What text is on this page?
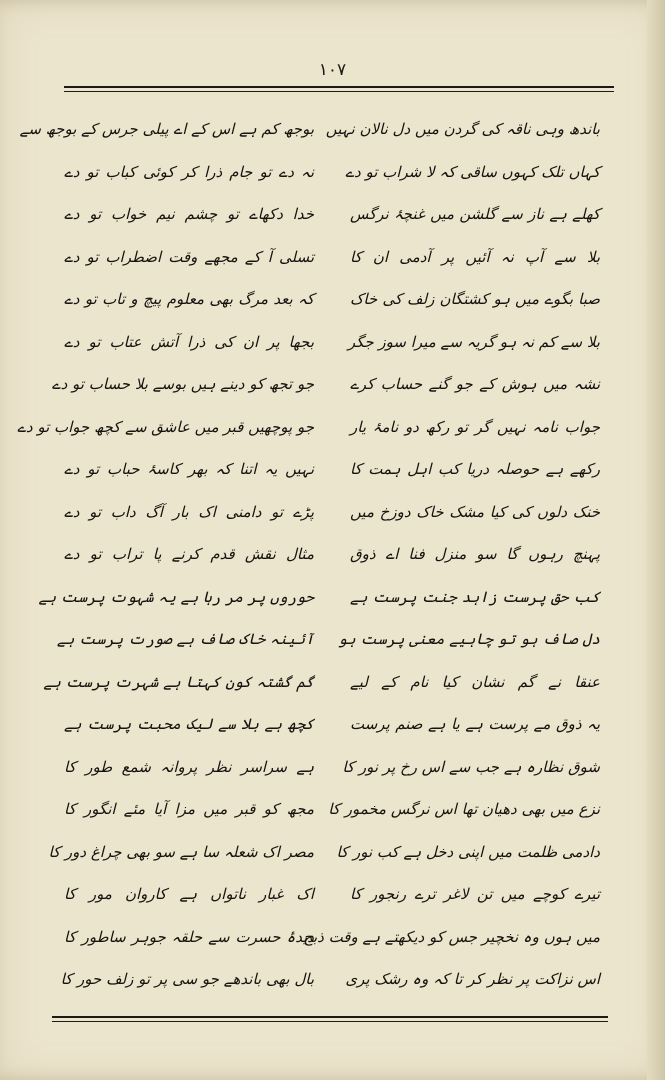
۱۰۷
باندھ وہی ناقہ کی گردن میں دل نالان نہیں
کہاں تلک کہوں ساقی کہ لا شراب تو دے
کھلے ہے ناز سے گلشن میں غنچۂ نرگس
بلا سے آپ نہ آئیں پر آدمی ان کا
صبا بگوے میں ہو کشتگان زلف کی خاک
بلا سے کم نہ ہو گریہ سے میرا سوز جگر
نشہ میں ہوش کے جو گنے حساب کرے
جواب نامہ نہیں گر تو رکھ دو نامۂ یار
رکھے ہے حوصلہ دریا کب اہل ہمت کا
خنک دلوں کی کیا مشک خاک دوزخ میں
پہنچ رہوں گا سو منزل فنا اے ذوق
کب حق پرست زاہد جنت پرست ہے
دل صاف ہو تو چاہیے معنی پرست ہو
عنقا نے گم نشان کیا نام کے لیے
یہ ذوق مے پرست ہے یا ہے صنم پرست
شوق نظارہ ہے جب سے اس رخ پر نور کا
نزع میں بھی دھیان تھا اس نرگس مخمور کا
دادمی ظلمت میں اپنی دخل ہے کب نور کا
تیرے کوچے میں تن لاغر ترے رنجور کا
میں ہوں وہ نخچیر جس کو دیکھتے ہے وقت ذبح
اس نزاکت پر نظر کر تا کہ وہ رشک پری
بوجھ کم ہے اس کے اے پیلی جرس کے بوجھ سے
نہ دے تو جام ذرا کر کوئی کباب تو دے
خدا دکھاے تو چشم نیم خواب تو دے
تسلی آ کے مجھے وقت اضطراب تو دے
کہ بعد مرگ بھی معلوم پیچ و تاب تو دے
بجھا پر ان کی ذرا آتش عتاب تو دے
جو تجھ کو دینے ہیں بوسے بلا حساب تو دے
جو پوچھیں قبر میں عاشق سے کچھ جواب تو دے
نہیں یہ اتنا کہ بھر کاسۂ حباب تو دے
پڑے تو دامنی اک بار آگ داب تو دے
مثال نقش قدم کرنے پا تراب تو دے
حوروں پر مر رہا ہے یہ شہوت پرست ہے
آئینہ خاک صاف ہے صورت پرست ہے
گم گشتہ کون کہتا ہے شہرت پرست ہے
کچھ ہے بلا سے لیک محبت پرست ہے
ہے سراسر نظر پروانہ شمع طور کا
مجھ کو قبر میں مزا آیا مئے انگور کا
مصر اک شعلہ سا ہے سو بھی چراغ دور کا
اک غبار ناتواں ہے کاروان مور کا
دیدۂ حسرت سے حلقہ جوہر ساطور کا
بال بھی باندھے جو سی پر تو زلف حور کا
